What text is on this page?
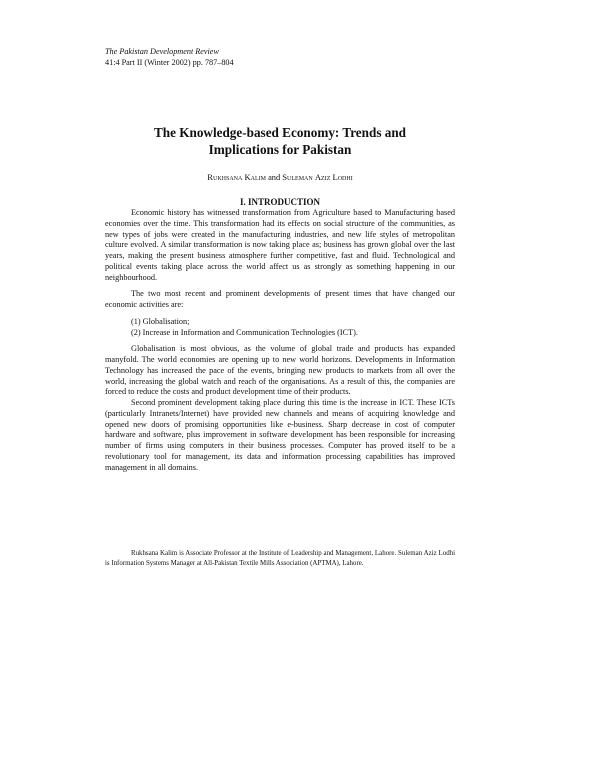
The Pakistan Development Review
41:4 Part II (Winter 2002) pp. 787–804
The Knowledge-based Economy: Trends and
Implications for Pakistan
Rukhsana Kalim and Suleman Aziz Lodhi
I. INTRODUCTION

Economic history has witnessed transformation from Agriculture based to Manufacturing based economies over the time. This transformation had its effects on social structure of the communities, as new types of jobs were created in the manufacturing industries, and new life styles of metropolitan culture evolved. A similar transformation is now taking place as; business has grown global over the last years, making the present business atmosphere further competitive, fast and fluid. Technological and political events taking place across the world affect us as strongly as something happening in our neighbourhood.

The two most recent and prominent developments of present times that have changed our economic activities are:

(1) Globalisation;
(2) Increase in Information and Communication Technologies (ICT).

Globalisation is most obvious, as the volume of global trade and products has expanded manyfold. The world economies are opening up to new world horizons. Developments in Information Technology has increased the pace of the events, bringing new products to markets from all over the world, increasing the global watch and reach of the organisations. As a result of this, the companies are forced to reduce the costs and product development time of their products.

Second prominent development taking place during this time is the increase in ICT. These ICTs (particularly Intranets/Internet) have provided new channels and means of acquiring knowledge and opened new doors of promising opportunities like e-business. Sharp decrease in cost of computer hardware and software, plus improvement in software development has been responsible for increasing number of firms using computers in their business processes. Computer has proved itself to be a revolutionary tool for management, its data and information processing capabilities has improved management in all domains.

Rukhsana Kalim is Associate Professor at the Institute of Leadership and Management, Lahore. Suleman Aziz Lodhi is Information Systems Manager at All-Pakistan Textile Mills Association (APTMA), Lahore.
